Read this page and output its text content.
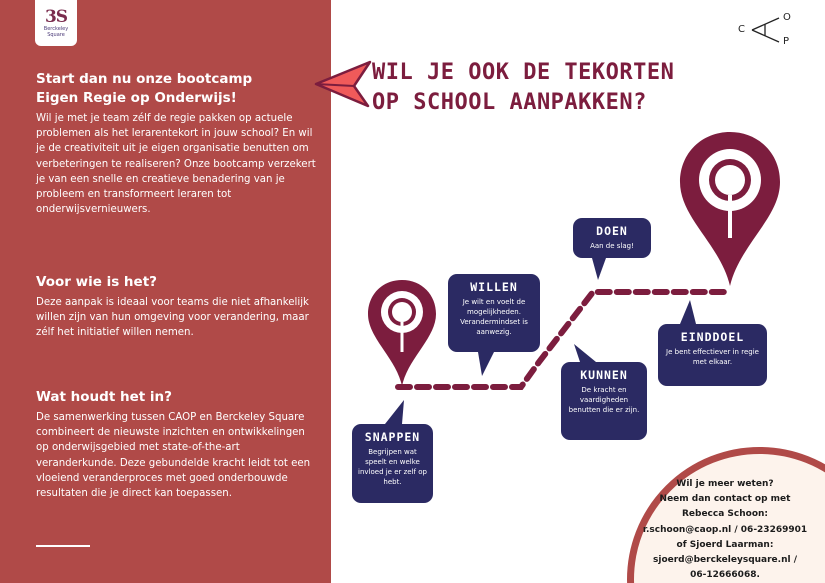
3S
Berckeley
Square
Start dan nu onze bootcamp
Eigen Regie op Onderwijs!

Wil je met je team zélf de regie pakken op actuele problemen als het lerarentekort in jouw school? En wil je de creativiteit uit je eigen organisatie benutten om verbeteringen te realiseren? Onze bootcamp verzekert je van een snelle en creatieve benadering van je probleem en transformeert leraren tot onderwijsvernieuwers.

Voor wie is het?

Deze aanpak is ideaal voor teams die niet afhankelijk willen zijn van hun omgeving voor verandering, maar zélf het initiatief willen nemen.

Wat houdt het in?

De samenwerking tussen CAOP en Berckeley Square combineert de nieuwste inzichten en ontwikkelingen op onderwijsgebied met state-of-the-art veranderkunde. Deze gebundelde kracht leidt tot een vloeiend veranderproces met goed onderbouwde resultaten die je direct kan toepassen.

C
O
P
WIL JE OOK DE TEKORTEN
OP SCHOOL AANPAKKEN?
SNAPPEN
Begrijpen wat speelt en welke invloed je er zelf op hebt.
WILLEN
Je wilt en voelt de mogelijkheden. Verandermindset is aanwezig.
KUNNEN
De kracht en vaardigheden benutten die er zijn.
DOEN
Aan de slag!
EINDDOEL
Je bent effectiever in regie met elkaar.
Wil je meer weten?
Neem dan contact op met
Rebecca Schoon:
r.schoon@caop.nl / 06-23269901
of Sjoerd Laarman:
sjoerd@berckeleysquare.nl /
06-12666068.
